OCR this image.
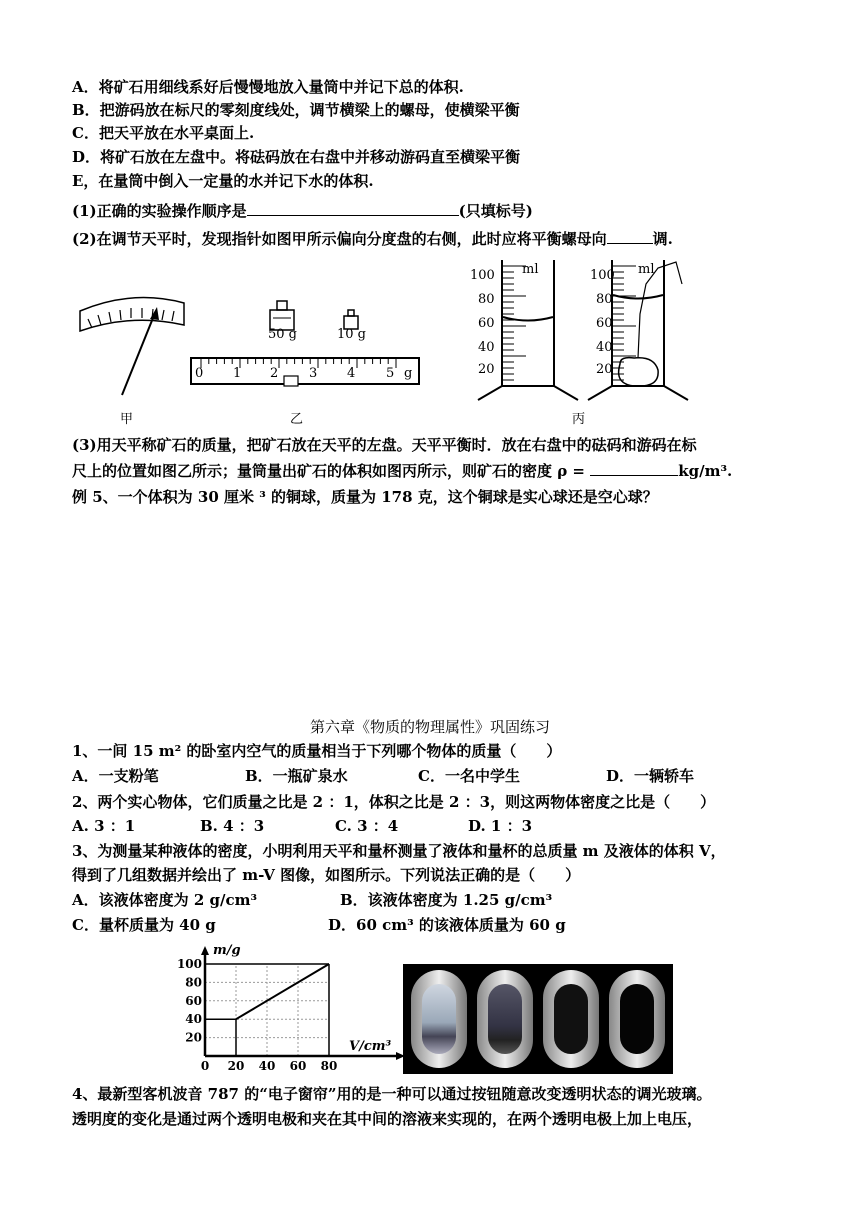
A．将矿石用细线系好后慢慢地放入量筒中并记下总的体积.
B．把游码放在标尺的零刻度线处，调节横梁上的螺母，使横梁平衡
C．把天平放在水平桌面上.
D．将矿石放在左盘中。将砝码放在右盘中并移动游码直至横梁平衡
E，在量筒中倒入一定量的水并记下水的体积.
(1)正确的实验操作顺序是	(只填标号)
(2)在调节天平时，发现指针如图甲所示偏向分度盘的右侧，此时应将平衡螺母向	调.
甲
50 g	10 g
0 1 2 3 4 5 g
乙
ml	ml
100
80
60
40
20
100
80
60
40
20
丙
(3)用天平称矿石的质量，把矿石放在天平的左盘。天平平衡时．放在右盘中的砝码和游码在标
尺上的位置如图乙所示；量筒量出矿石的体积如图丙所示，则矿石的密度 ρ =	kg/m³.
例 5、一个体积为 30 厘米 ³ 的铜球，质量为 178 克，这个铜球是实心球还是空心球？
第六章《物质的物理属性》巩固练习
1、一间 15 m² 的卧室内空气的质量相当于下列哪个物体的质量（　　）
A．一支粉笔	B．一瓶矿泉水	C．一名中学生	D．一辆轿车
2、两个实心物体，它们质量之比是 2 ：1，体积之比是 2 ：3，则这两物体密度之比是（　　）
A. 3 ：1	B. 4 ：3	C. 3 ：4	D. 1 ：3
3、为测量某种液体的密度，小明利用天平和量杯测量了液体和量杯的总质量 m 及液体的体积 V，
得到了几组数据并绘出了 m-V 图像，如图所示。下列说法正确的是（　　）
A．该液体密度为 2 g/cm³	B．该液体密度为 1.25 g/cm³
C．量杯质量为 40 g	D．60 cm³ 的该液体质量为 60 g
0 20 40 60 80
20
40
60
80
100
m/g
V/cm³
4、最新型客机波音 787 的“电子窗帘”用的是一种可以通过按钮随意改变透明状态的调光玻璃。
透明度的变化是通过两个透明电极和夹在其中间的溶液来实现的，在两个透明电极上加上电压，
